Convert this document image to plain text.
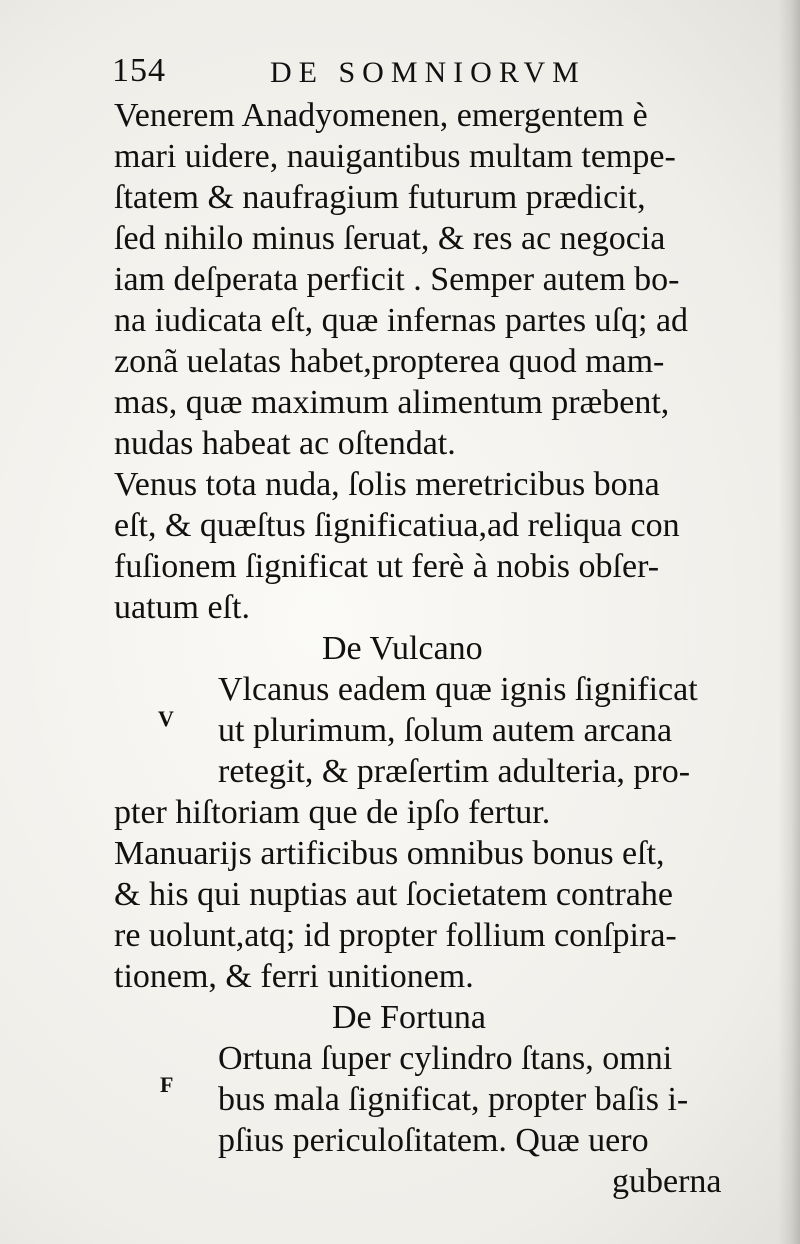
154	DE SOMNIORVM
Venerem Anadyomenen, emergentem è
mari uidere, nauigantibus multam tempe-
ſtatem & naufragium futurum prædicit,
ſed nihilo minus ſeruat, & res ac negocia
iam deſperata perficit . Semper autem bo-
na iudicata eſt, quæ infernas partes uſq; ad
zonã uelatas habet,propterea quod mam-
mas, quæ maximum alimentum præbent,
nudas habeat ac oſtendat.
Venus tota nuda, ſolis meretricibus bona
eſt, & quæſtus ſignificatiua,ad reliqua con
fuſionem ſignificat ut ferè à nobis obſer-
uatum eſt.
De Vulcano
Vlcanus eadem quæ ignis ſignificat
ut plurimum, ſolum autem arcana
retegit, & præſertim adulteria, pro-
pter hiſtoriam que de ipſo fertur.
Manuarijs artificibus omnibus bonus eſt,
& his qui nuptias aut ſocietatem contrahe
re uolunt,atq; id propter follium conſpira-
tionem, & ferri unitionem.
De Fortuna
Ortuna ſuper cylindro ſtans, omni
bus mala ſignificat, propter baſis i-
pſius periculoſitatem. Quæ uero
guberna
V
F
